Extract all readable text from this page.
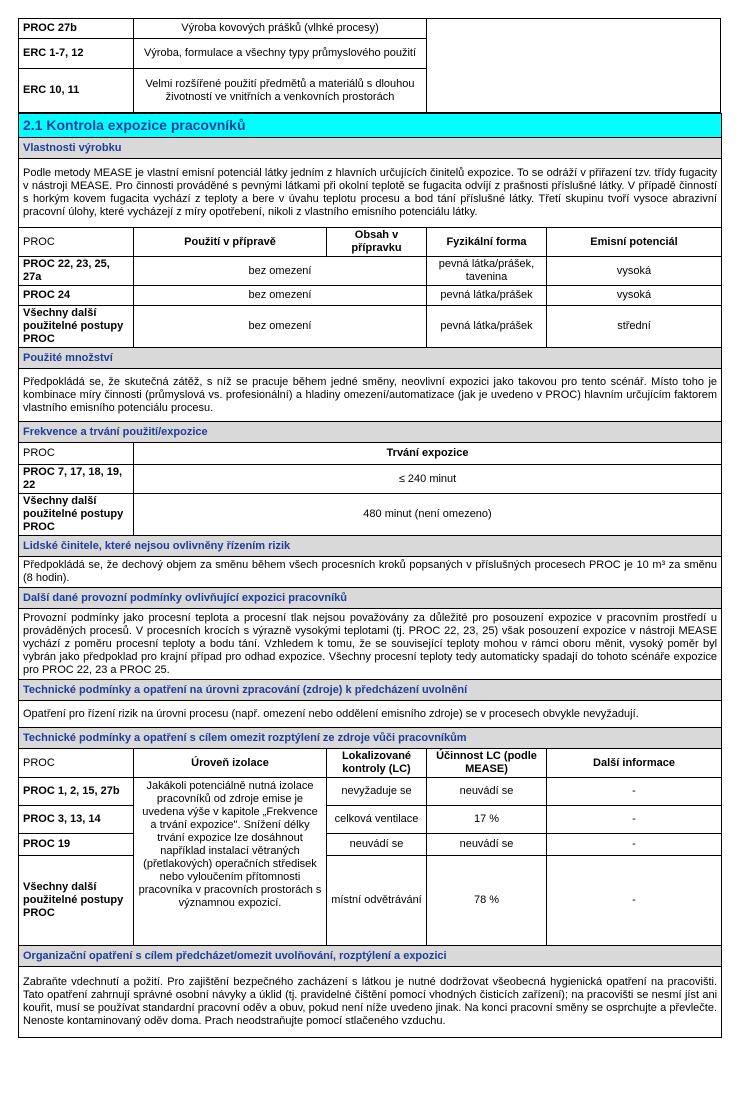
PROC 27b	Výroba kovových prášků (vlhké procesy)
ERC 1-7, 12	Výroba, formulace a všechny typy průmyslového použití
ERC 10, 11	Velmi rozšířené použití předmětů a materiálů s dlouhou životností ve vnitřních a venkovních prostorách
2.1 Kontrola expozice pracovníků				
Vlastnosti výrobku				
Podle metody MEASE je vlastní emisní potenciál látky jedním z hlavních určujících činitelů expozice. To se odráží v přiřazení tzv. třídy fugacity v nástroji MEASE. Pro činnosti prováděné s pevnými látkami při okolní teplotě se fugacita odvíjí z prašnosti příslušné látky. V případě činností s horkým kovem fugacita vychází z teploty a bere v úvahu teplotu procesu a bod tání příslušné látky. Třetí skupinu tvoří vysoce abrazivní pracovní úlohy, které vycházejí z míry opotřebení, nikoli z vlastního emisního potenciálu látky.				
PROC	Použití v přípravě	Obsah v přípravku	Fyzikální forma	Emisní potenciál
PROC 22, 23, 25, 27a	bez omezení		pevná látka/prášek, tavenina	vysoká
PROC 24	bez omezení		pevná látka/prášek	vysoká
Všechny další použitelné postupy PROC	bez omezení		pevná látka/prášek	střední
Použité množství				
Předpokládá se, že skutečná zátěž, s níž se pracuje během jedné směny, neovlivní expozici jako takovou pro tento scénář. Místo toho je kombinace míry činnosti (průmyslová vs. profesionální) a hladiny omezení/automatizace (jak je uvedeno v PROC) hlavním určujícím faktorem vlastního emisního potenciálu procesu.				
Frekvence a trvání použití/expozice				
PROC	Trvání expozice			
PROC 7, 17, 18, 19, 22	≤ 240 minut			
Všechny další použitelné postupy PROC	480 minut (není omezeno)			
Lidské činitele, které nejsou ovlivněny řízením rizik				
Předpokládá se, že dechový objem za směnu během všech procesních kroků popsaných v příslušných procesech PROC je 10 m³ za směnu (8 hodin).				
Další dané provozní podmínky ovlivňující expozici pracovníků				
Provozní podmínky jako procesní teplota a procesní tlak nejsou považovány za důležité pro posouzení expozice v pracovním prostředí u prováděných procesů. V procesních krocích s výrazně vysokými teplotami (tj. PROC 22, 23, 25) však posouzení expozice v nástroji MEASE vychází z poměru procesní teploty a bodu tání. Vzhledem k tomu, že se související teploty mohou v rámci oboru měnit, vysoký poměr byl vybrán jako předpoklad pro krajní případ pro odhad expozice. Všechny procesní teploty tedy automaticky spadají do tohoto scénáře expozice pro PROC 22, 23 a PROC 25.				
Technické podmínky a opatření na úrovni zpracování (zdroje) k předcházení uvolnění				
Opatření pro řízení rizik na úrovni procesu (např. omezení nebo oddělení emisního zdroje) se v procesech obvykle nevyžadují.				
Technické podmínky a opatření s cílem omezit rozptýlení ze zdroje vůči pracovníkům				
PROC	Úroveň izolace	Lokalizované kontroly (LC)	Účinnost LC (podle MEASE)	Další informace
PROC 1, 2, 15, 27b	Jakákoli potenciálně nutná izolace pracovníků od zdroje emise je uvedena výše v kapitole „Frekvence a trvání expozice". Snížení délky trvání expozice lze dosáhnout například instalací větraných (přetlakových) operačních středisek nebo vyloučením přítomnosti pracovníka v pracovních prostorách s významnou expozicí.	nevyžaduje se	neuvádí se	-
PROC 3, 13, 14		celková ventilace	17 %	-
PROC 19		neuvádí se	neuvádí se	-
Všechny další použitelné postupy PROC		místní odvětrávání	78 %	-
Organizační opatření s cílem předcházet/omezit uvolňování, rozptýlení a expozici				
Zabraňte vdechnutí a požití. Pro zajištění bezpečného zacházení s látkou je nutné dodržovat všeobecná hygienická opatření na pracovišti. Tato opatření zahrnují správné osobní návyky a úklid (tj. pravidelné čištění pomocí vhodných čisticích zařízení); na pracovišti se nesmí jíst ani kouřit, musí se používat standardní pracovní oděv a obuv, pokud není níže uvedeno jinak. Na konci pracovní směny se osprchujte a převlečte. Nenoste kontaminovaný oděv doma. Prach neodstraňujte pomocí stlačeného vzduchu.				
